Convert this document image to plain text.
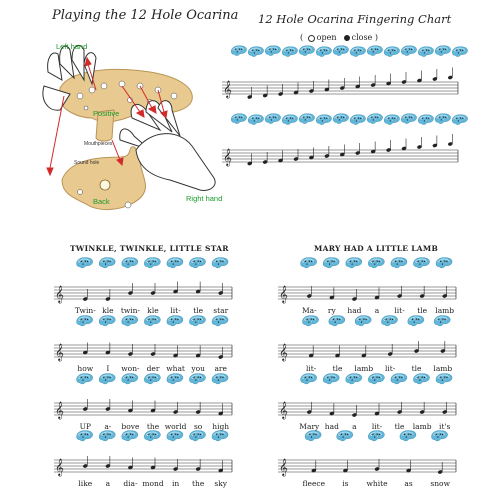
Playing the 12 Hole Ocarina 12 Hole Ocarina Fingering Chart
( open close )
𝄞
𝄞
𝄞
𝄞
𝄞
𝄞
𝄞
𝄞
𝄞
𝄞
Left hand
Positive
Mouthpieces
Sound hole
Back	Right hand
TWINKLE, TWINKLE, LITTLE STAR	MARY HAD A LITTLE LAMB
Twin- kle twin- kle lit- tle star
how I won- der what you are
UP a- bove the world so high
like a dia- mond in the sky
Ma- ry had a lit- tle lamb
lit- tle lamb lit- tle lamb
Mary had a lit- tle lamb it's
fleece is white as snow
